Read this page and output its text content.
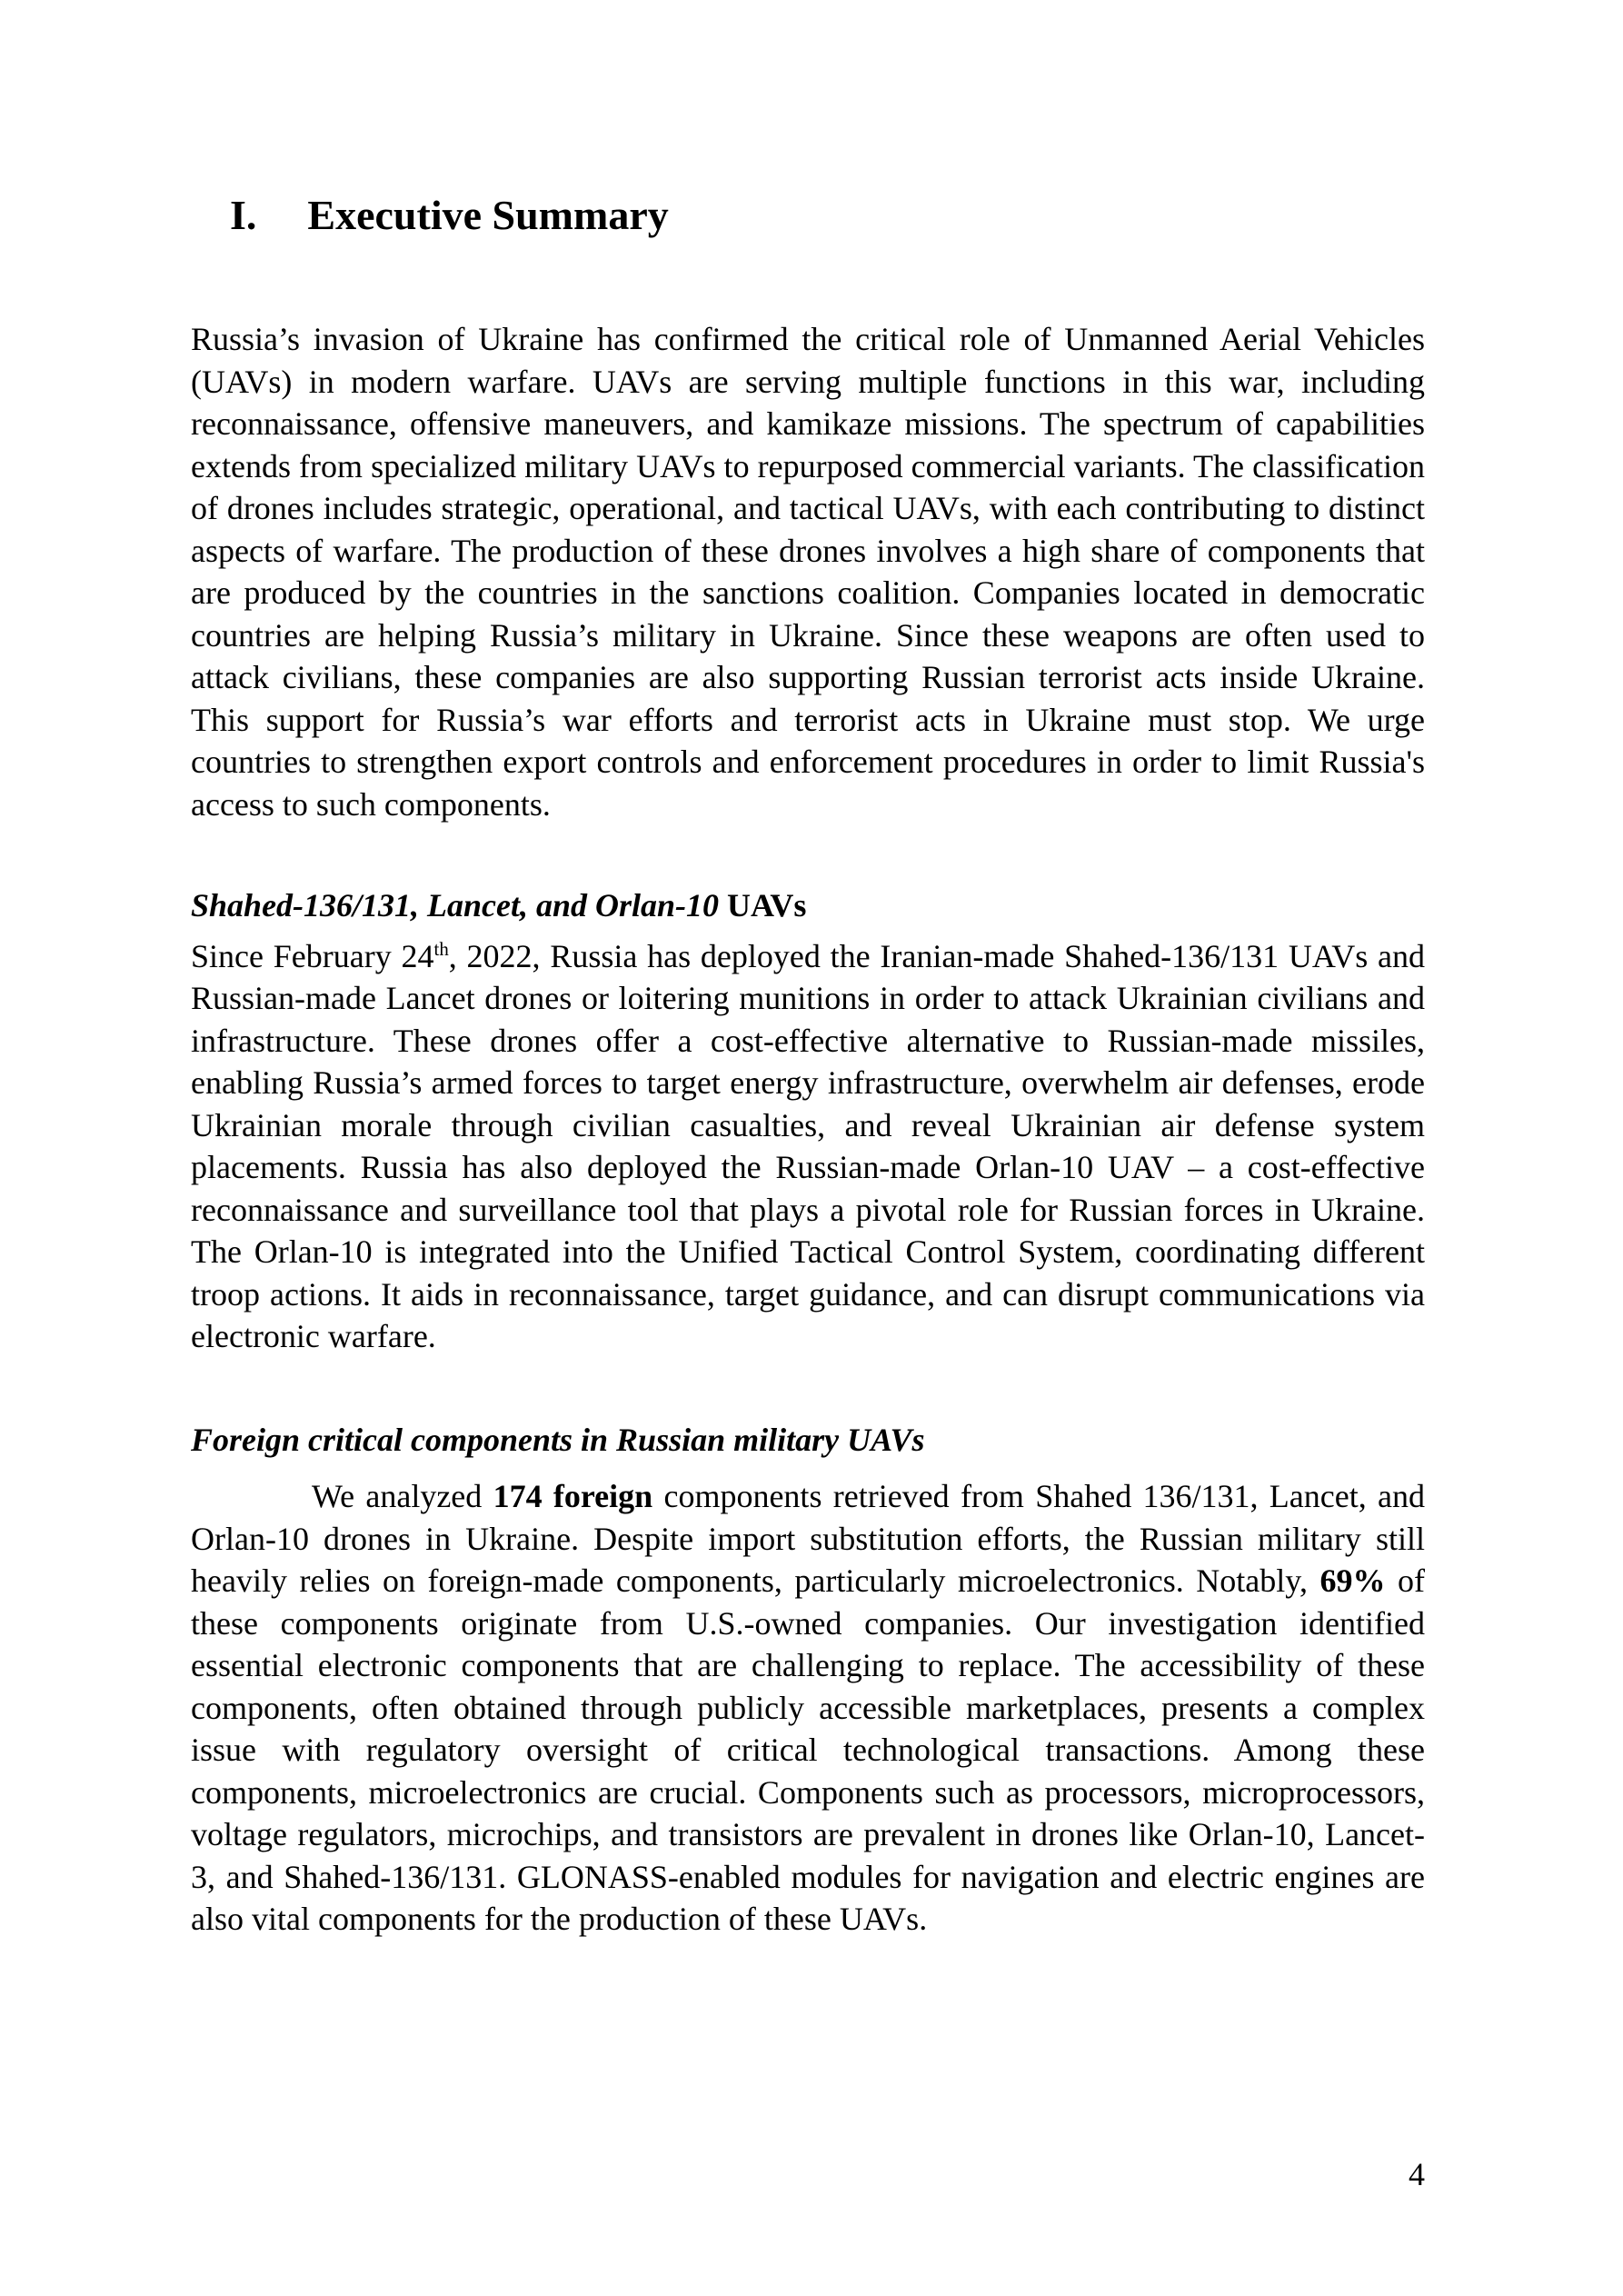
I. Executive Summary

Russia’s invasion of Ukraine has confirmed the critical role of Unmanned Aerial Vehicles (UAVs) in modern warfare. UAVs are serving multiple functions in this war, including reconnaissance, offensive maneuvers, and kamikaze missions. The spectrum of capabilities extends from specialized military UAVs to repurposed commercial variants. The classification of drones includes strategic, operational, and tactical UAVs, with each contributing to distinct aspects of warfare. The production of these drones involves a high share of components that are produced by the countries in the sanctions coalition. Companies located in democratic countries are helping Russia’s military in Ukraine. Since these weapons are often used to attack civilians, these companies are also supporting Russian terrorist acts inside Ukraine. This support for Russia’s war efforts and terrorist acts in Ukraine must stop. We urge countries to strengthen export controls and enforcement procedures in order to limit Russia's access to such components.

Shahed-136/131, Lancet, and Orlan-10 UAVs

Since February 24th, 2022, Russia has deployed the Iranian-made Shahed-136/131 UAVs and Russian-made Lancet drones or loitering munitions in order to attack Ukrainian civilians and infrastructure. These drones offer a cost-effective alternative to Russian-made missiles, enabling Russia’s armed forces to target energy infrastructure, overwhelm air defenses, erode Ukrainian morale through civilian casualties, and reveal Ukrainian air defense system placements. Russia has also deployed the Russian-made Orlan-10 UAV – a cost-effective reconnaissance and surveillance tool that plays a pivotal role for Russian forces in Ukraine. The Orlan-10 is integrated into the Unified Tactical Control System, coordinating different troop actions. It aids in reconnaissance, target guidance, and can disrupt communications via electronic warfare.

Foreign critical components in Russian military UAVs

We analyzed 174 foreign components retrieved from Shahed 136/131, Lancet, and Orlan-10 drones in Ukraine. Despite import substitution efforts, the Russian military still heavily relies on foreign-made components, particularly microelectronics. Notably, 69% of these components originate from U.S.-owned companies. Our investigation identified essential electronic components that are challenging to replace. The accessibility of these components, often obtained through publicly accessible marketplaces, presents a complex issue with regulatory oversight of critical technological transactions. Among these components, microelectronics are crucial. Components such as processors, microprocessors, voltage regulators, microchips, and transistors are prevalent in drones like Orlan-10, Lancet-3, and Shahed-136/131. GLONASS-enabled modules for navigation and electric engines are also vital components for the production of these UAVs.

4
